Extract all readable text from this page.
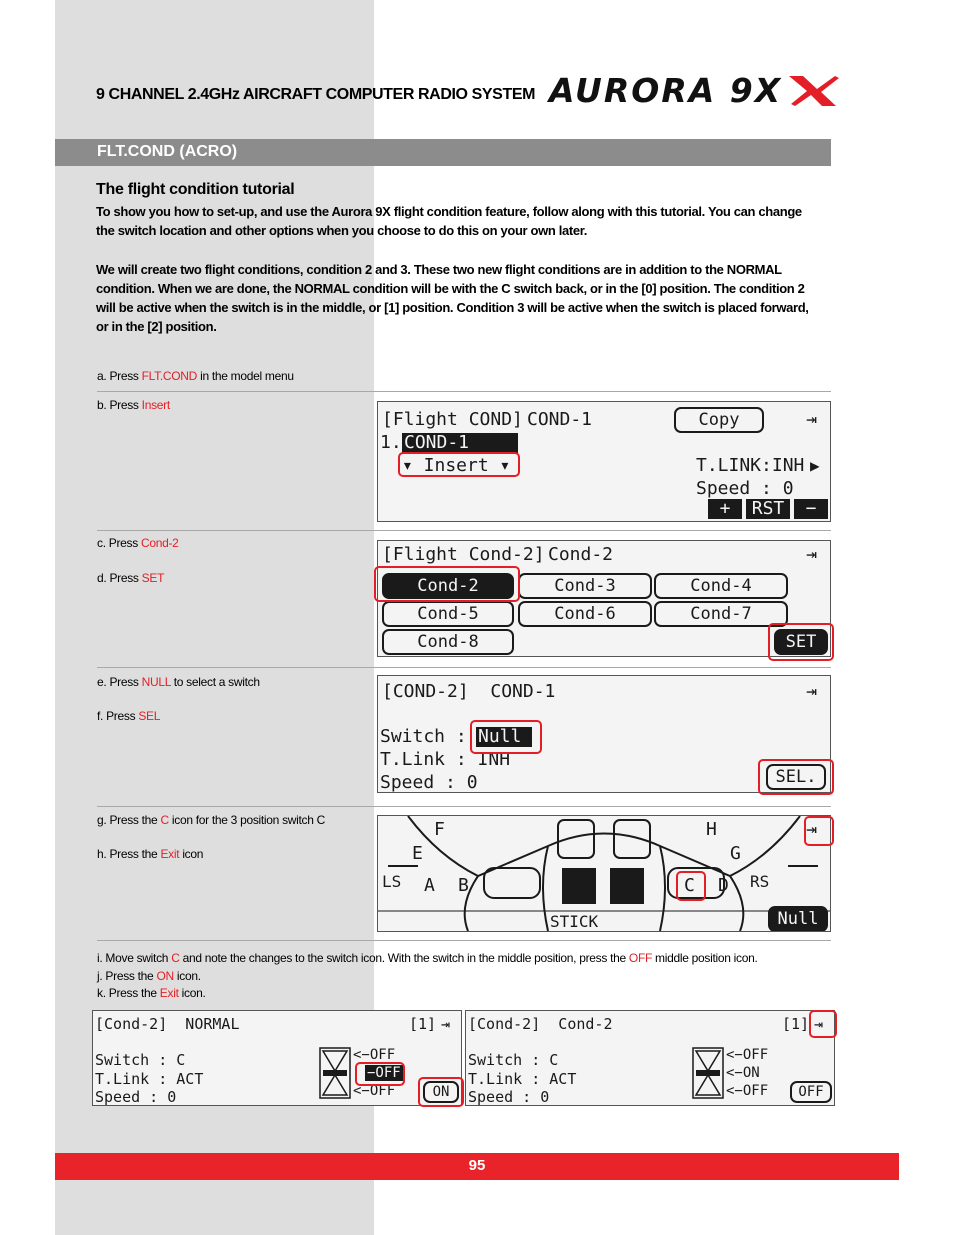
9 CHANNEL 2.4GHz AIRCRAFT COMPUTER RADIO SYSTEM AURORA 9X
FLT.COND (ACRO)
The flight condition tutorial
To show you how to set-up, and use the Aurora 9X flight condition feature, follow along with this tutorial. You can change the switch location and other options when you choose to do this on your own later.
We will create two flight conditions, condition 2 and 3. These two new flight conditions are in addition to the NORMAL condition. When we are done, the NORMAL condition will be with the C switch back, or in the [0] position. The condition 2 will be active when the switch is in the middle, or [1] position. Condition 3 will be active when the switch is placed forward, or in the [2] position.
a. Press FLT.COND in the model menu
b. Press Insert
[Flight COND] COND-1	Copy	⇥
1. COND-1
▾ Insert ▾	T.LINK:INH ▶
Speed : 0
+	RST	−
c. Press Cond-2
d. Press SET
[Flight Cond-2] Cond-2	⇥
Cond-2	Cond-3	Cond-4
Cond-5	Cond-6	Cond-7
Cond-8	SET
e. Press NULL to select a switch
f. Press SEL
[COND-2]  COND-1	⇥
Switch : Null
T.Link : INH
Speed : 0	SEL.
g. Press the C icon for the 3 position switch C
h. Press the Exit icon
F
E
LS A B
H
G
C D RS
STICK
⇥
Null
i. Move switch C and note the changes to the switch icon. With the switch in the middle position, press the OFF middle position icon.
j. Press the ON icon.
k. Press the Exit icon.
[Cond-2]  NORMAL	[1] ⇥
Switch : C
T.Link : ACT
Speed : 0
<−OFF
−OFF
<−OFF	ON
[Cond-2]  Cond-2	[1] ⇥
Switch : C
T.Link : ACT
Speed : 0
<−OFF
<−ON
<−OFF	OFF
95
